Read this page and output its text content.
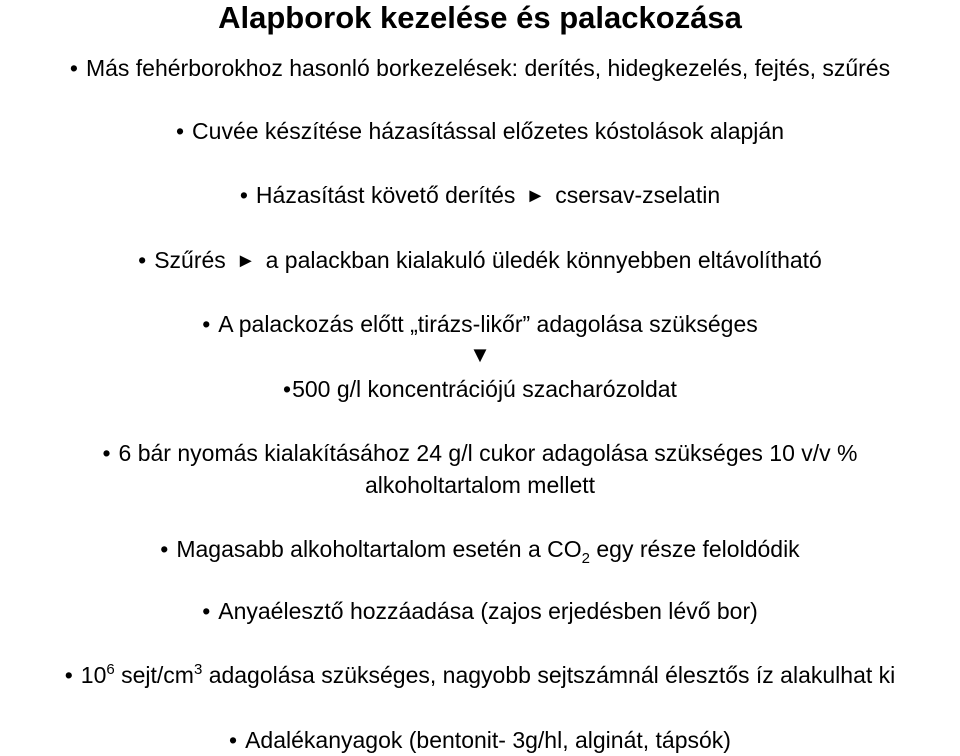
Alapborok kezelése és palackozása
• Más fehérborokhoz hasonló borkezelések: derítés, hidegkezelés, fejtés, szűrés
• Cuvée készítése házasítással előzetes kóstolások alapján
• Házasítást követő derítés ► csersav-zselatin
• Szűrés ► a palackban kialakuló üledék könnyebben eltávolítható
• A palackozás előtt „tirázs-likőr” adagolása szükséges
▼
•500 g/l koncentrációjú szacharózoldat
• 6 bár nyomás kialakításához 24 g/l cukor adagolása szükséges 10 v/v %
alkoholtartalom mellett
• Magasabb alkoholtartalom esetén a $CO_2$ egy része feloldódik
• Anyaélesztő hozzáadása (zajos erjedésben lévő bor)
• $10^6$ sejt/$cm^3$ adagolása szükséges, nagyobb sejtszámnál élesztős íz alakulhat ki
• Adalékanyagok (bentonit- 3g/hl, alginát, tápsók)
